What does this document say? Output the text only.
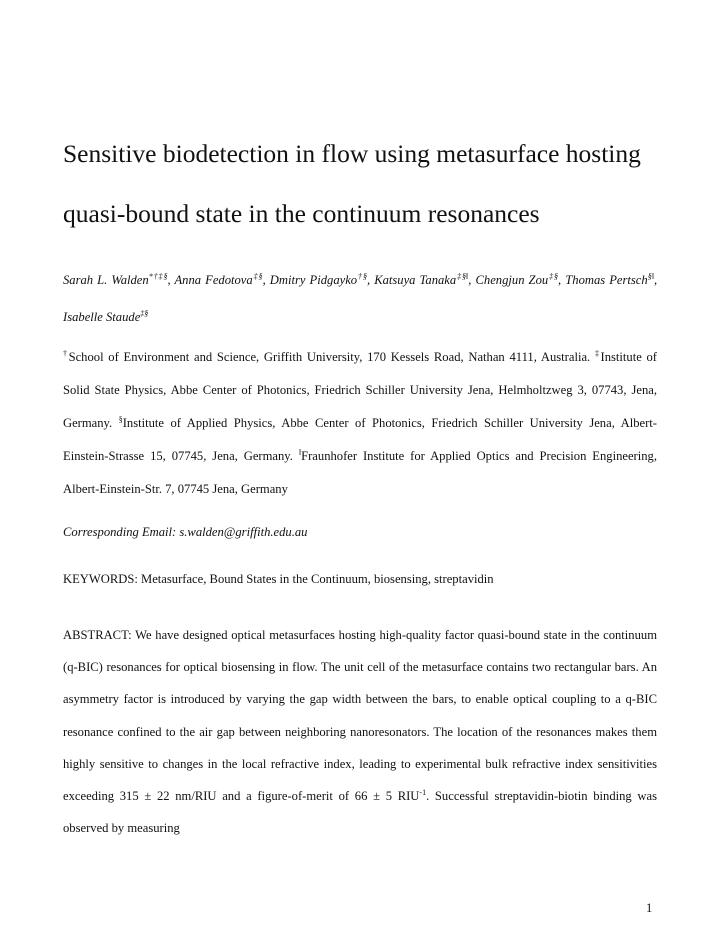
Sensitive biodetection in flow using metasurface hosting quasi-bound state in the continuum resonances
Sarah L. Walden*†‡§, Anna Fedotova‡§, Dmitry Pidgayko†§, Katsuya Tanaka$^{\ddagger\S ǁ}$, Chengjun Zou‡§, Thomas Pertsch$^{\S ǁ}$, Isabelle Staude‡§
†School of Environment and Science, Griffith University, 170 Kessels Road, Nathan 4111, Australia. ‡Institute of Solid State Physics, Abbe Center of Photonics, Friedrich Schiller University Jena, Helmholtzweg 3, 07743, Jena, Germany. §Institute of Applied Physics, Abbe Center of Photonics, Friedrich Schiller University Jena, Albert-Einstein-Strasse 15, 07745, Jena, Germany. $^ǁ$Fraunhofer Institute for Applied Optics and Precision Engineering, Albert-Einstein-Str. 7, 07745 Jena, Germany
Corresponding Email: s.walden@griffith.edu.au
KEYWORDS: Metasurface, Bound States in the Continuum, biosensing, streptavidin
ABSTRACT: We have designed optical metasurfaces hosting high-quality factor quasi-bound state in the continuum (q-BIC) resonances for optical biosensing in flow. The unit cell of the metasurface contains two rectangular bars. An asymmetry factor is introduced by varying the gap width between the bars, to enable optical coupling to a q-BIC resonance confined to the air gap between neighboring nanoresonators. The location of the resonances makes them highly sensitive to changes in the local refractive index, leading to experimental bulk refractive index sensitivities exceeding 315 ± 22 nm/RIU and a figure-of-merit of 66 ± 5 $RIU^{-1}$. Successful streptavidin-biotin binding was observed by measuring
1
